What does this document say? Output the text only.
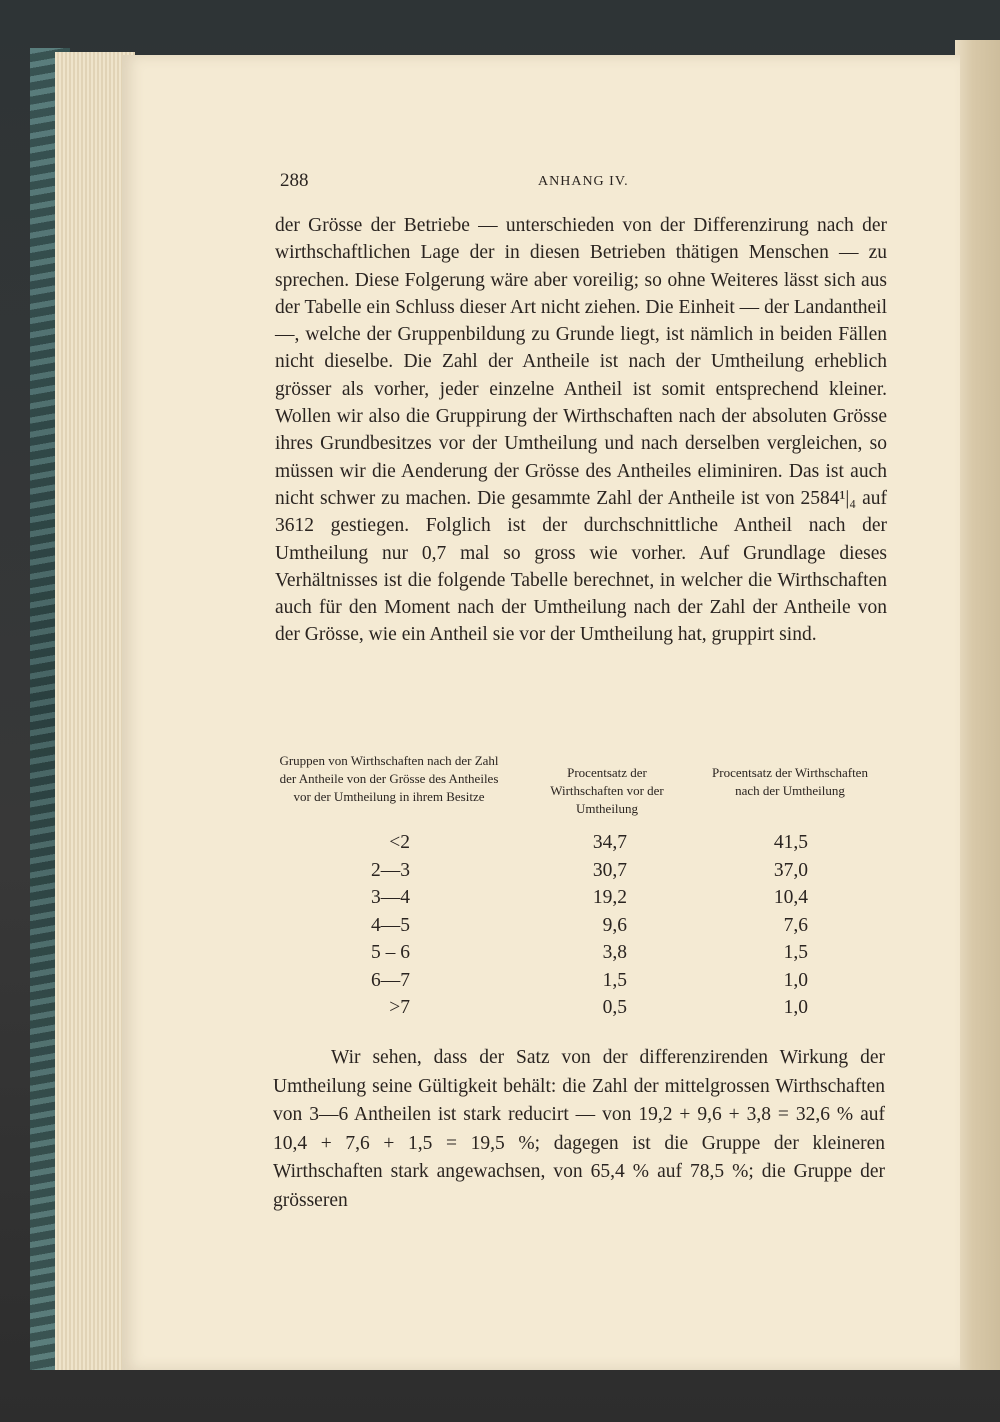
288	ANHANG IV.

der Grösse der Betriebe — unterschieden von der Differenzirung nach der wirthschaftlichen Lage der in diesen Betrieben thätigen Menschen — zu sprechen. Diese Folgerung wäre aber voreilig; so ohne Weiteres lässt sich aus der Tabelle ein Schluss dieser Art nicht ziehen. Die Einheit — der Landantheil —, welche der Gruppenbildung zu Grunde liegt, ist nämlich in beiden Fällen nicht dieselbe. Die Zahl der Antheile ist nach der Umtheilung erheblich grösser als vorher, jeder einzelne Antheil ist somit entsprechend kleiner. Wollen wir also die Gruppirung der Wirthschaften nach der absoluten Grösse ihres Grundbesitzes vor der Umtheilung und nach derselben vergleichen, so müssen wir die Aenderung der Grösse des Antheiles eliminiren. Das ist auch nicht schwer zu machen. Die gesammte Zahl der Antheile ist von 2584¹|₄ auf 3612 gestiegen. Folglich ist der durchschnittliche Antheil nach der Umtheilung nur 0,7 mal so gross wie vorher. Auf Grundlage dieses Verhältnisses ist die folgende Tabelle berechnet, in welcher die Wirthschaften auch für den Moment nach der Umtheilung nach der Zahl der Antheile von der Grösse, wie ein Antheil sie vor der Umtheilung hat, gruppirt sind.

Gruppen von Wirthschaften nach der Zahl der Antheile von der Grösse des Antheiles vor der Umtheilung in ihrem Besitze
Procentsatz der Wirthschaften vor der Umtheilung
Procentsatz der Wirthschaften nach der Umtheilung
<2	34,7	41,5
2—3	30,7	37,0
3—4	19,2	10,4
4—5	9,6	7,6
5 – 6	3,8	1,5
6—7	1,5	1,0
>7	0,5	1,0

Wir sehen, dass der Satz von der differenzirenden Wirkung der Umtheilung seine Gültigkeit behält: die Zahl der mittelgrossen Wirthschaften von 3—6 Antheilen ist stark reducirt — von 19,2 + 9,6 + 3,8 = 32,6 % auf 10,4 + 7,6 + 1,5 = 19,5 %; dagegen ist die Gruppe der kleineren Wirthschaften stark angewachsen, von 65,4 % auf 78,5 %; die Gruppe der grösseren
